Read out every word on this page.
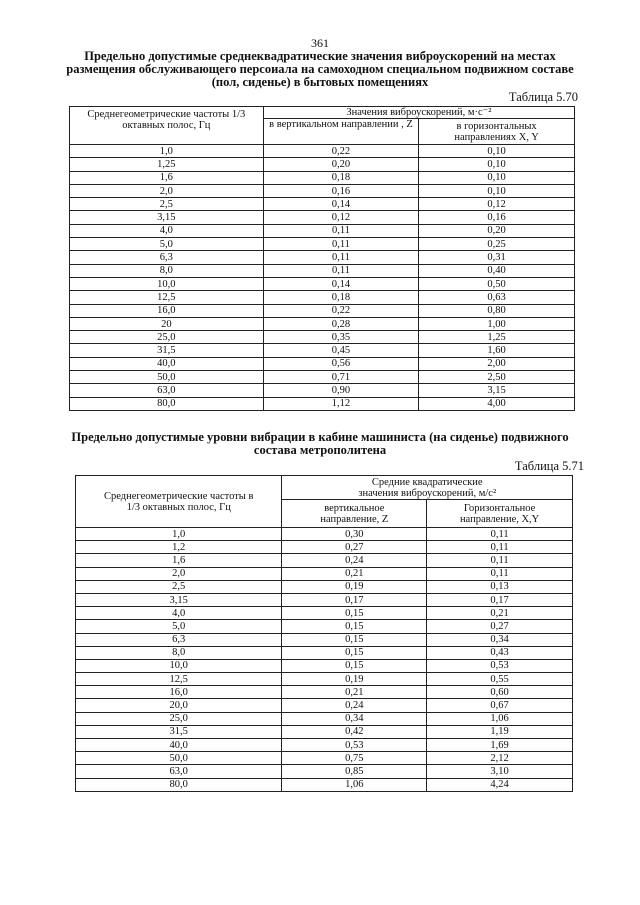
361
Предельно допустимые среднеквадратические значения виброускорений на местах размещения обслуживающего персоиала на самоходном специальном подвижном составе (пол, сиденье) в бытовых помещениях
Таблица 5.70
Среднегеометрические частоты 1/3 октавных полос, Гц	Значения виброускорений, м·с⁻²	
	в вертикальном направлении , Z	в горизонтальных направлениях X, Y
1,0	0,22	0,10
1,25	0,20	0,10
1,6	0,18	0,10
2,0	0,16	0,10
2,5	0,14	0,12
3,15	0,12	0,16
4,0	0,11	0,20
5,0	0,11	0,25
6,3	0,11	0,31
8,0	0,11	0,40
10,0	0,14	0,50
12,5	0,18	0,63
16,0	0,22	0,80
20	0,28	1,00
25,0	0,35	1,25
31,5	0,45	1,60
40,0	0,56	2,00
50,0	0,71	2,50
63,0	0,90	3,15
80,0	1,12	4,00
Предельно допустимые уровни вибрации в кабине машиниста (на сиденье) подвижного состава метрополитена
Таблица 5.71
Среднегеометрические частоты в 1/3 октавных полос, Гц	Средние квадратические значения виброускорений, м/с²	
	вертикальное направление, Z	Горизонтальное направление, X,Y
1,0	0,30	0,11
1,2	0,27	0,11
1,6	0,24	0,11
2,0	0,21	0,11
2,5	0,19	0,13
3,15	0,17	0,17
4,0	0,15	0,21
5,0	0,15	0,27
6,3	0,15	0,34
8,0	0,15	0,43
10,0	0,15	0,53
12,5	0,19	0,55
16,0	0,21	0,60
20,0	0,24	0,67
25,0	0,34	1,06
31,5	0,42	1,19
40,0	0,53	1,69
50,0	0,75	2,12
63,0	0,85	3,10
80,0	1,06	4,24
